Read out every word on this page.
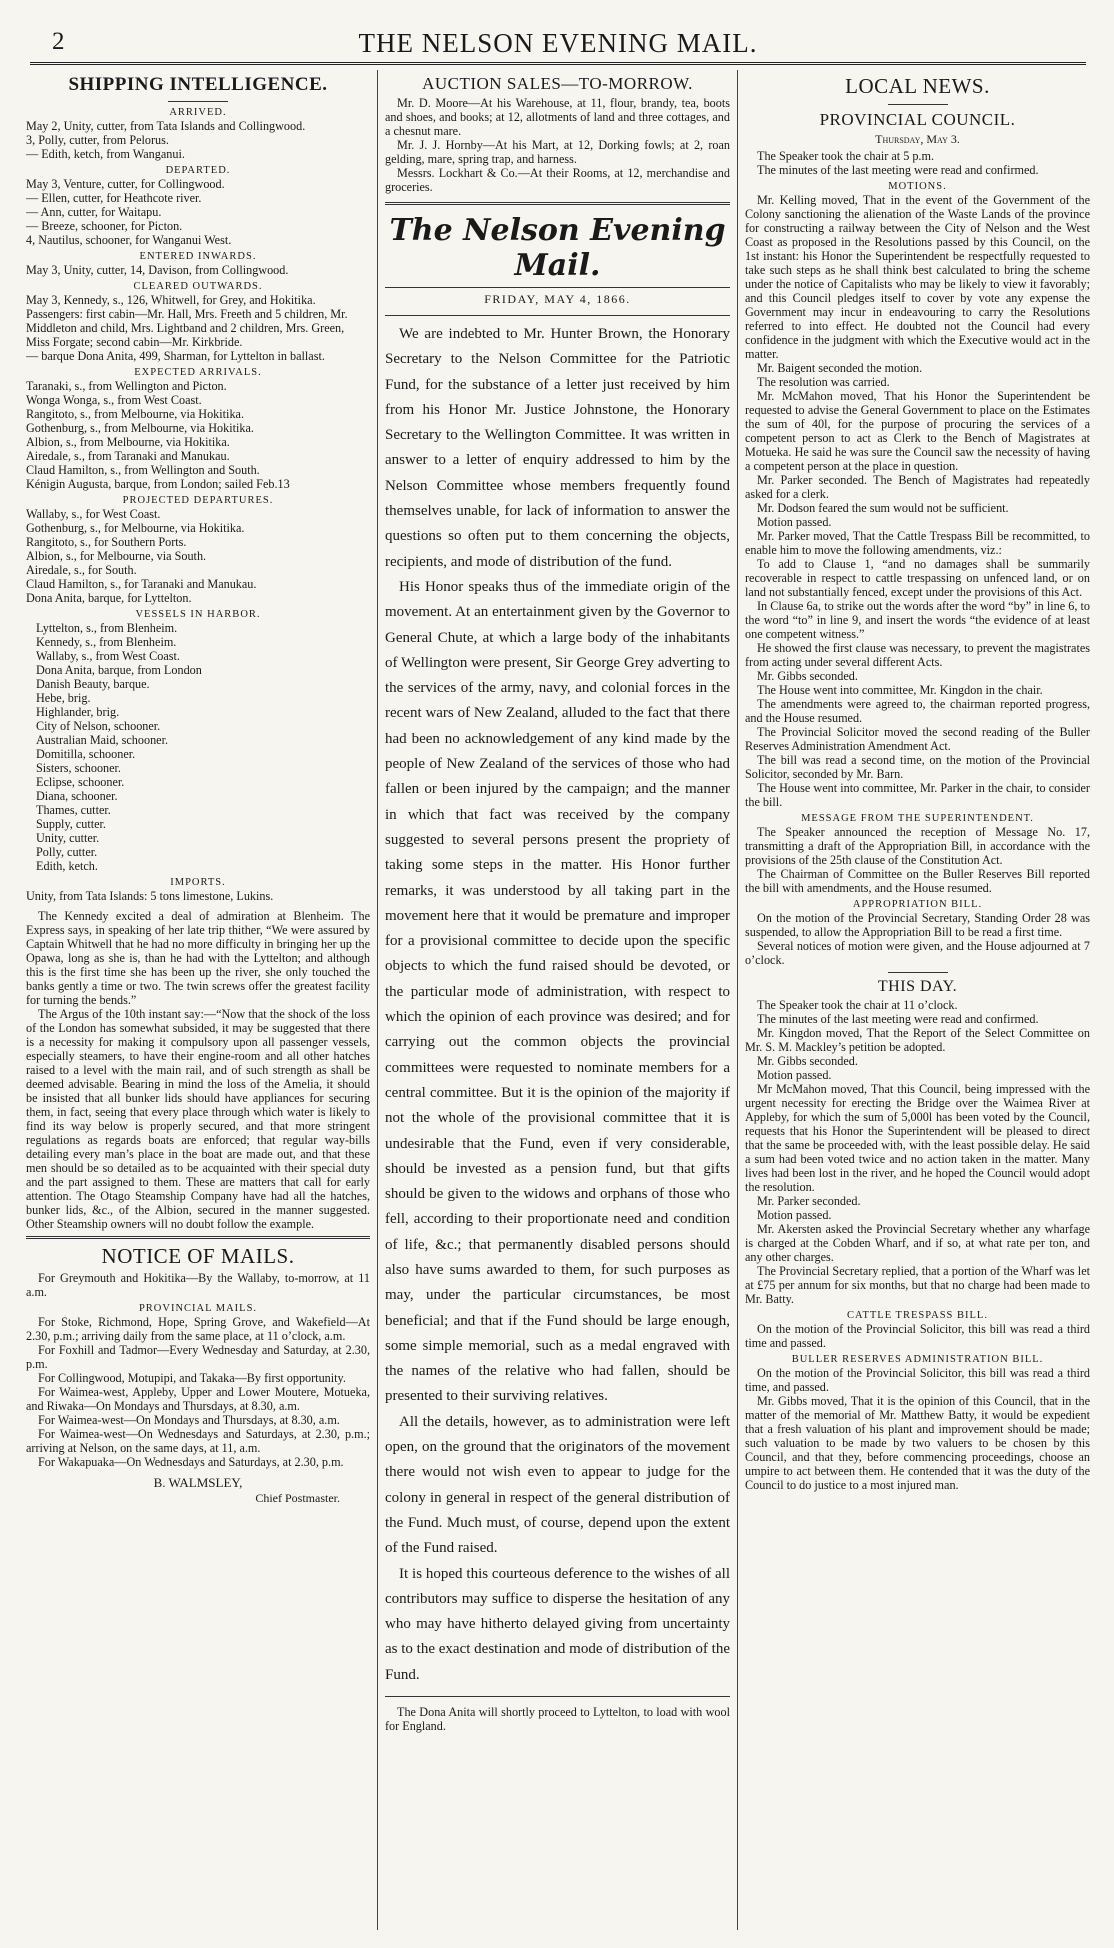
2	THE NELSON EVENING MAIL.
SHIPPING INTELLIGENCE.
ARRIVED.
May 2, Unity, cutter, from Tata Islands and Collingwood.
3, Polly, cutter, from Pelorus.
— Edith, ketch, from Wanganui.
DEPARTED.
May 3, Venture, cutter, for Collingwood.
— Ellen, cutter, for Heathcote river.
— Ann, cutter, for Waitapu.
— Breeze, schooner, for Picton.
4, Nautilus, schooner, for Wanganui West.
ENTERED INWARDS.
May 3, Unity, cutter, 14, Davison, from Collingwood.
CLEARED OUTWARDS.
May 3, Kennedy, s., 126, Whitwell, for Grey, and Hokitika. Passengers: first cabin—Mr. Hall, Mrs. Freeth and 5 children, Mr. Middleton and child, Mrs. Lightband and 2 children, Mrs. Green, Miss Forgate; second cabin—Mr. Kirkbride.
— barque Dona Anita, 499, Sharman, for Lyttelton in ballast.
EXPECTED ARRIVALS.
Taranaki, s., from Wellington and Picton.
Wonga Wonga, s., from West Coast.
Rangitoto, s., from Melbourne, via Hokitika.
Gothenburg, s., from Melbourne, via Hokitika.
Albion, s., from Melbourne, via Hokitika.
Airedale, s., from Taranaki and Manukau.
Claud Hamilton, s., from Wellington and South.
Kénigin Augusta, barque, from London; sailed Feb.13
PROJECTED DEPARTURES.
Wallaby, s., for West Coast.
Gothenburg, s., for Melbourne, via Hokitika.
Rangitoto, s., for Southern Ports.
Albion, s., for Melbourne, via South.
Airedale, s., for South.
Claud Hamilton, s., for Taranaki and Manukau.
Dona Anita, barque, for Lyttelton.
VESSELS IN HARBOR.
Lyttelton, s., from Blenheim.
Kennedy, s., from Blenheim.
Wallaby, s., from West Coast.
Dona Anita, barque, from London
Danish Beauty, barque.
Hebe, brig.
Highlander, brig.
City of Nelson, schooner.
Australian Maid, schooner.
Domitilla, schooner.
Sisters, schooner.
Eclipse, schooner.
Diana, schooner.
Thames, cutter.
Supply, cutter.
Unity, cutter.
Polly, cutter.
Edith, ketch.
IMPORTS.
Unity, from Tata Islands: 5 tons limestone, Lukins.
The Kennedy excited a deal of admiration at Blenheim. The Express says, in speaking of her late trip thither, “We were assured by Captain Whitwell that he had no more difficulty in bringing her up the Opawa, long as she is, than he had with the Lyttelton; and although this is the first time she has been up the river, she only touched the banks gently a time or two. The twin screws offer the greatest facility for turning the bends.”
The Argus of the 10th instant say:—“Now that the shock of the loss of the London has somewhat subsided, it may be suggested that there is a necessity for making it compulsory upon all passenger vessels, especially steamers, to have their engine-room and all other hatches raised to a level with the main rail, and of such strength as shall be deemed advisable. Bearing in mind the loss of the Amelia, it should be insisted that all bunker lids should have appliances for securing them, in fact, seeing that every place through which water is likely to find its way below is properly secured, and that more stringent regulations as regards boats are enforced; that regular way-bills detailing every man’s place in the boat are made out, and that these men should be so detailed as to be acquainted with their special duty and the part assigned to them. These are matters that call for early attention. The Otago Steamship Company have had all the hatches, bunker lids, &c., of the Albion, secured in the manner suggested. Other Steamship owners will no doubt follow the example.
NOTICE OF MAILS.
For Greymouth and Hokitika—By the Wallaby, to-morrow, at 11 a.m.
PROVINCIAL MAILS.
For Stoke, Richmond, Hope, Spring Grove, and Wakefield—At 2.30, p.m.; arriving daily from the same place, at 11 o’clock, a.m.
For Foxhill and Tadmor—Every Wednesday and Saturday, at 2.30, p.m.
For Collingwood, Motupipi, and Takaka—By first opportunity.
For Waimea-west, Appleby, Upper and Lower Moutere, Motueka, and Riwaka—On Mondays and Thursdays, at 8.30, a.m.
For Waimea-west—On Mondays and Thursdays, at 8.30, a.m.
For Waimea-west—On Wednesdays and Saturdays, at 2.30, p.m.; arriving at Nelson, on the same days, at 11, a.m.
For Wakapuaka—On Wednesdays and Saturdays, at 2.30, p.m.
B. WALMSLEY,
Chief Postmaster.
AUCTION SALES—TO-MORROW.
Mr. D. Moore—At his Warehouse, at 11, flour, brandy, tea, boots and shoes, and books; at 12, allotments of land and three cottages, and a chesnut mare.
Mr. J. J. Hornby—At his Mart, at 12, Dorking fowls; at 2, roan gelding, mare, spring trap, and harness.
Messrs. Lockhart & Co.—At their Rooms, at 12, merchandise and groceries.
The Nelson Evening Mail.
FRIDAY, MAY 4, 1866.
We are indebted to Mr. Hunter Brown, the Honorary Secretary to the Nelson Committee for the Patriotic Fund, for the substance of a letter just received by him from his Honor Mr. Justice Johnstone, the Honorary Secretary to the Wellington Committee. It was written in answer to a letter of enquiry addressed to him by the Nelson Committee whose members frequently found themselves unable, for lack of information to answer the questions so often put to them concerning the objects, recipients, and mode of distribution of the fund.
His Honor speaks thus of the immediate origin of the movement. At an entertainment given by the Governor to General Chute, at which a large body of the inhabitants of Wellington were present, Sir George Grey adverting to the services of the army, navy, and colonial forces in the recent wars of New Zealand, alluded to the fact that there had been no acknowledgement of any kind made by the people of New Zealand of the services of those who had fallen or been injured by the campaign; and the manner in which that fact was received by the company suggested to several persons present the propriety of taking some steps in the matter. His Honor further remarks, it was understood by all taking part in the movement here that it would be premature and improper for a provisional committee to decide upon the specific objects to which the fund raised should be devoted, or the particular mode of administration, with respect to which the opinion of each province was desired; and for carrying out the common objects the provincial committees were requested to nominate members for a central committee. But it is the opinion of the majority if not the whole of the provisional committee that it is undesirable that the Fund, even if very considerable, should be invested as a pension fund, but that gifts should be given to the widows and orphans of those who fell, according to their proportionate need and condition of life, &c.; that permanently disabled persons should also have sums awarded to them, for such purposes as may, under the particular circumstances, be most beneficial; and that if the Fund should be large enough, some simple memorial, such as a medal engraved with the names of the relative who had fallen, should be presented to their surviving relatives.
All the details, however, as to administration were left open, on the ground that the originators of the movement there would not wish even to appear to judge for the colony in general in respect of the general distribution of the Fund. Much must, of course, depend upon the extent of the Fund raised.
It is hoped this courteous deference to the wishes of all contributors may suffice to disperse the hesitation of any who may have hitherto delayed giving from uncertainty as to the exact destination and mode of distribution of the Fund.
The Dona Anita will shortly proceed to Lyttelton, to load with wool for England.
LOCAL NEWS.
PROVINCIAL COUNCIL.
Thursday, May 3.
The Speaker took the chair at 5 p.m.
The minutes of the last meeting were read and confirmed.
MOTIONS.
Mr. Kelling moved, That in the event of the Government of the Colony sanctioning the alienation of the Waste Lands of the province for constructing a railway between the City of Nelson and the West Coast as proposed in the Resolutions passed by this Council, on the 1st instant: his Honor the Superintendent be respectfully requested to take such steps as he shall think best calculated to bring the scheme under the notice of Capitalists who may be likely to view it favorably; and this Council pledges itself to cover by vote any expense the Government may incur in endeavouring to carry the Resolutions referred to into effect. He doubted not the Council had every confidence in the judgment with which the Executive would act in the matter.
Mr. Baigent seconded the motion.
The resolution was carried.
Mr. McMahon moved, That his Honor the Superintendent be requested to advise the General Government to place on the Estimates the sum of 40l, for the purpose of procuring the services of a competent person to act as Clerk to the Bench of Magistrates at Motueka. He said he was sure the Council saw the necessity of having a competent person at the place in question.
Mr. Parker seconded. The Bench of Magistrates had repeatedly asked for a clerk.
Mr. Dodson feared the sum would not be sufficient.
Motion passed.
Mr. Parker moved, That the Cattle Trespass Bill be recommitted, to enable him to move the following amendments, viz.:
To add to Clause 1, “and no damages shall be summarily recoverable in respect to cattle trespassing on unfenced land, or on land not substantially fenced, except under the provisions of this Act.
In Clause 6a, to strike out the words after the word “by” in line 6, to the word “to” in line 9, and insert the words “the evidence of at least one competent witness.”
He showed the first clause was necessary, to prevent the magistrates from acting under several different Acts.
Mr. Gibbs seconded.
The House went into committee, Mr. Kingdon in the chair.
The amendments were agreed to, the chairman reported progress, and the House resumed.
The Provincial Solicitor moved the second reading of the Buller Reserves Administration Amendment Act.
The bill was read a second time, on the motion of the Provincial Solicitor, seconded by Mr. Barn.
The House went into committee, Mr. Parker in the chair, to consider the bill.
MESSAGE FROM THE SUPERINTENDENT.
The Speaker announced the reception of Message No. 17, transmitting a draft of the Appropriation Bill, in accordance with the provisions of the 25th clause of the Constitution Act.
The Chairman of Committee on the Buller Reserves Bill reported the bill with amendments, and the House resumed.
APPROPRIATION BILL.
On the motion of the Provincial Secretary, Standing Order 28 was suspended, to allow the Appropriation Bill to be read a first time.
Several notices of motion were given, and the House adjourned at 7 o’clock.
THIS DAY.
The Speaker took the chair at 11 o’clock.
The minutes of the last meeting were read and confirmed.
Mr. Kingdon moved, That the Report of the Select Committee on Mr. S. M. Mackley’s petition be adopted.
Mr. Gibbs seconded.
Motion passed.
Mr McMahon moved, That this Council, being impressed with the urgent necessity for erecting the Bridge over the Waimea River at Appleby, for which the sum of 5,000l has been voted by the Council, requests that his Honor the Superintendent will be pleased to direct that the same be proceeded with, with the least possible delay. He said a sum had been voted twice and no action taken in the matter. Many lives had been lost in the river, and he hoped the Council would adopt the resolution.
Mr. Parker seconded.
Motion passed.
Mr. Akersten asked the Provincial Secretary whether any wharfage is charged at the Cobden Wharf, and if so, at what rate per ton, and any other charges.
The Provincial Secretary replied, that a portion of the Wharf was let at £75 per annum for six months, but that no charge had been made to Mr. Batty.
CATTLE TRESPASS BILL.
On the motion of the Provincial Solicitor, this bill was read a third time and passed.
BULLER RESERVES ADMINISTRATION BILL.
On the motion of the Provincial Solicitor, this bill was read a third time, and passed.
Mr. Gibbs moved, That it is the opinion of this Council, that in the matter of the memorial of Mr. Matthew Batty, it would be expedient that a fresh valuation of his plant and improvement should be made; such valuation to be made by two valuers to be chosen by this Council, and that they, before commencing proceedings, choose an umpire to act between them. He contended that it was the duty of the Council to do justice to a most injured man.
